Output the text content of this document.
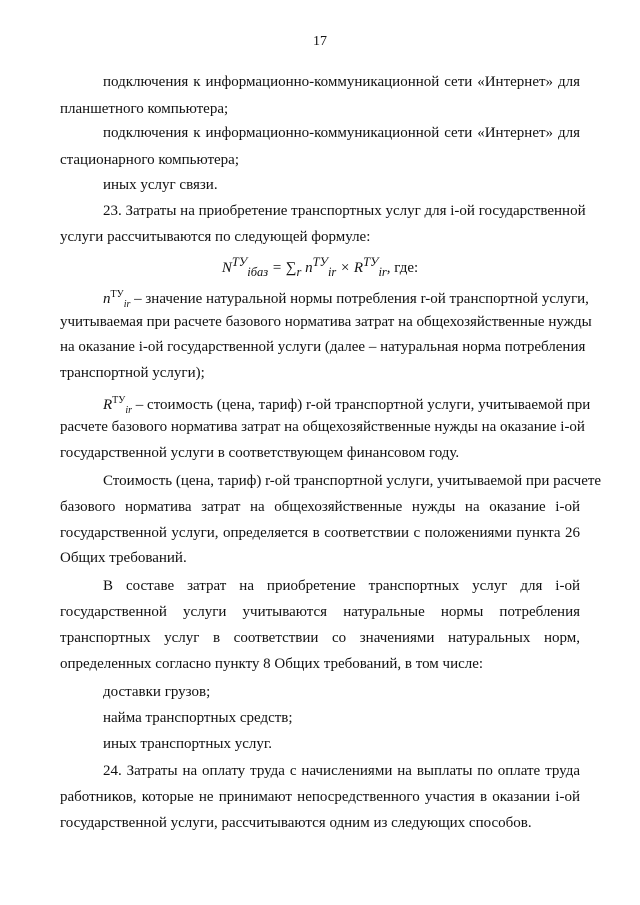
17
подключения к информационно-коммуникационной сети «Интернет» для
планшетного компьютера;
подключения к информационно-коммуникационной сети «Интернет» для
стационарного компьютера;
иных услуг связи.
23. Затраты на приобретение транспортных услуг для i-ой государственной
услуги рассчитываются по следующей формуле:
$N^{ТУ}_{iбаз} = \sum_r$ $n^{ТУ}_{ir} \times R^{ТУ}_{ir}$, где:
$n^{ТУ}_{ir}$ – значение натуральной нормы потребления r-ой транспортной услуги,
учитываемая при расчете базового норматива затрат на общехозяйственные нужды
на оказание i-ой государственной услуги (далее – натуральная норма потребления
транспортной услуги);
$R^{ТУ}_{ir}$ – стоимость (цена, тариф) r-ой транспортной услуги, учитываемой при
расчете базового норматива затрат на общехозяйственные нужды на оказание i-ой
государственной услуги в соответствующем финансовом году.
Стоимость (цена, тариф) r-ой транспортной услуги, учитываемой при расчете
базового норматива затрат на общехозяйственные нужды на оказание i-ой
государственной услуги, определяется в соответствии с положениями пункта 26
Общих требований.
В составе затрат на приобретение транспортных услуг для i-ой
государственной услуги учитываются натуральные нормы потребления
транспортных услуг в соответствии со значениями натуральных норм,
определенных согласно пункту 8 Общих требований, в том числе:
доставки грузов;
найма транспортных средств;
иных транспортных услуг.
24. Затраты на оплату труда с начислениями на выплаты по оплате труда
работников, которые не принимают непосредственного участия в оказании i-ой
государственной услуги, рассчитываются одним из следующих способов.
